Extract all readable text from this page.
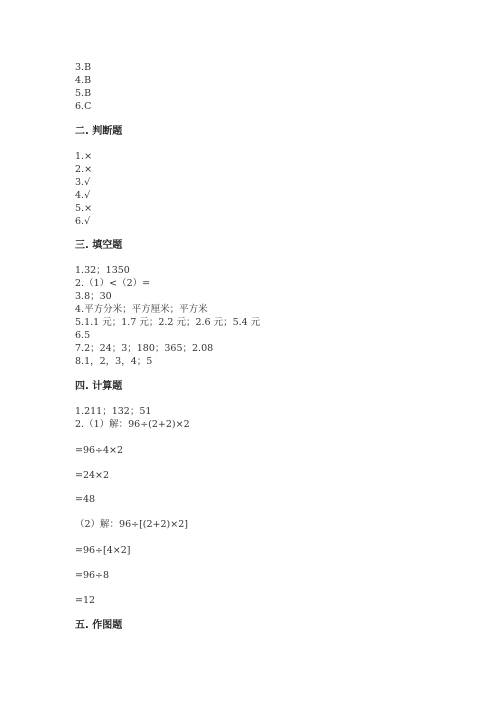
3.B
4.B
5.B
6.C
二. 判断题
1.×
2.×
3.√
4.√
5.×
6.√
三. 填空题
1.32；1350
2.（1）<（2）=
3.8；30
4.平方分米；平方厘米；平方米
5.1.1 元；1.7 元；2.2 元；2.6 元；5.4 元
6.5
7.2；24；3；180；365；2.08
8.1，2，3，4；5
四. 计算题
1.211；132；51
2.（1）解：96÷(2+2)×2
=96÷4×2
=24×2
=48
（2）解：96÷[(2+2)×2]
=96÷[4×2]
=96÷8
=12
五. 作图题
